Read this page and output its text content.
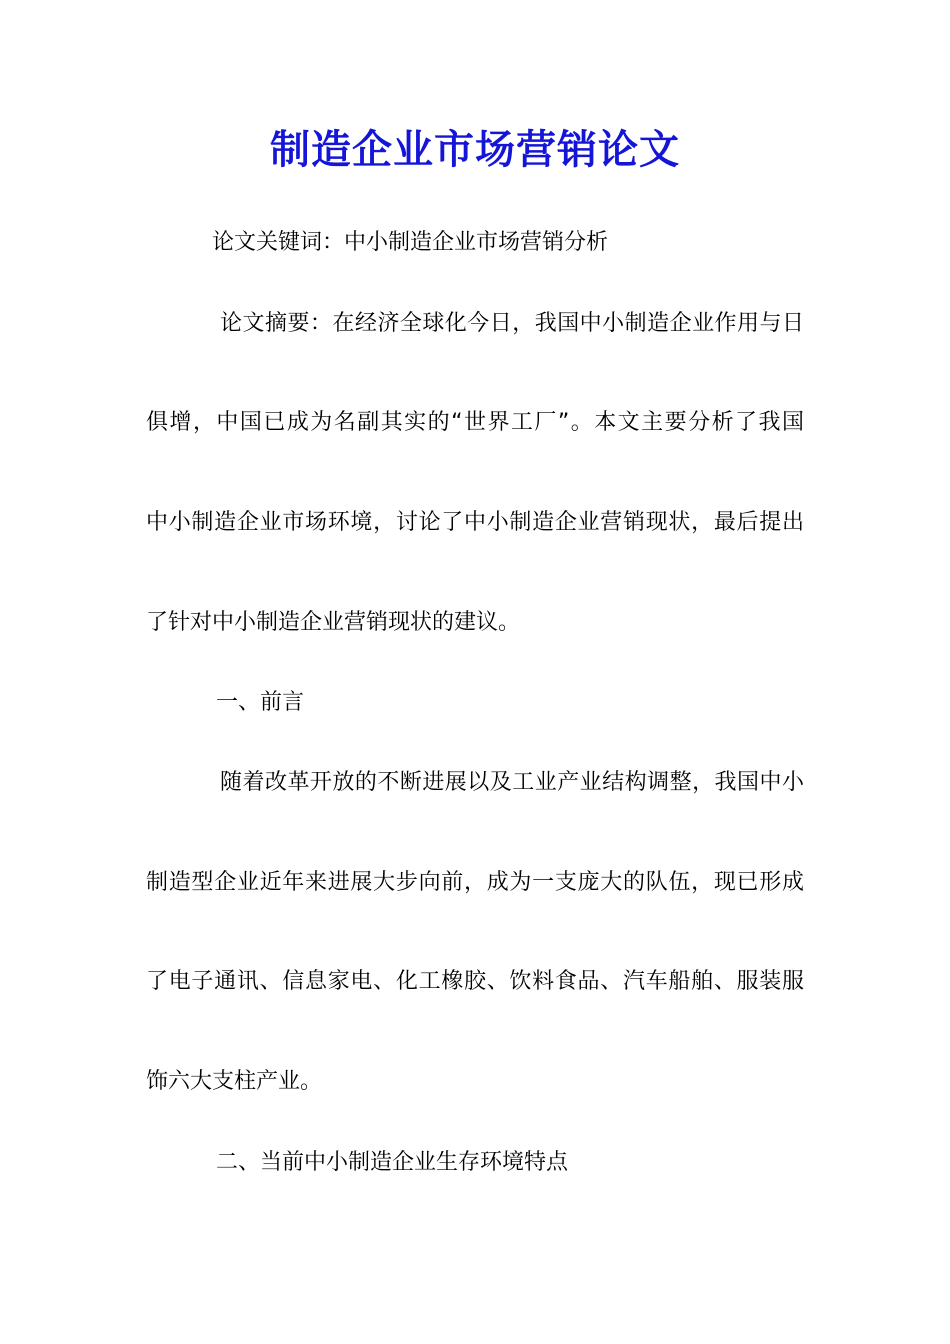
制造企业市场营销论文
论文关键词：中小制造企业市场营销分析
论文摘要：在经济全球化今日，我国中小制造企业作用与日
俱增，中国已成为名副其实的“世界工厂”。本文主要分析了我国
中小制造企业市场环境，讨论了中小制造企业营销现状，最后提出
了针对中小制造企业营销现状的建议。
一、前言
随着改革开放的不断进展以及工业产业结构调整，我国中小
制造型企业近年来进展大步向前，成为一支庞大的队伍，现已形成
了电子通讯、信息家电、化工橡胶、饮料食品、汽车船舶、服装服
饰六大支柱产业。
二、当前中小制造企业生存环境特点
